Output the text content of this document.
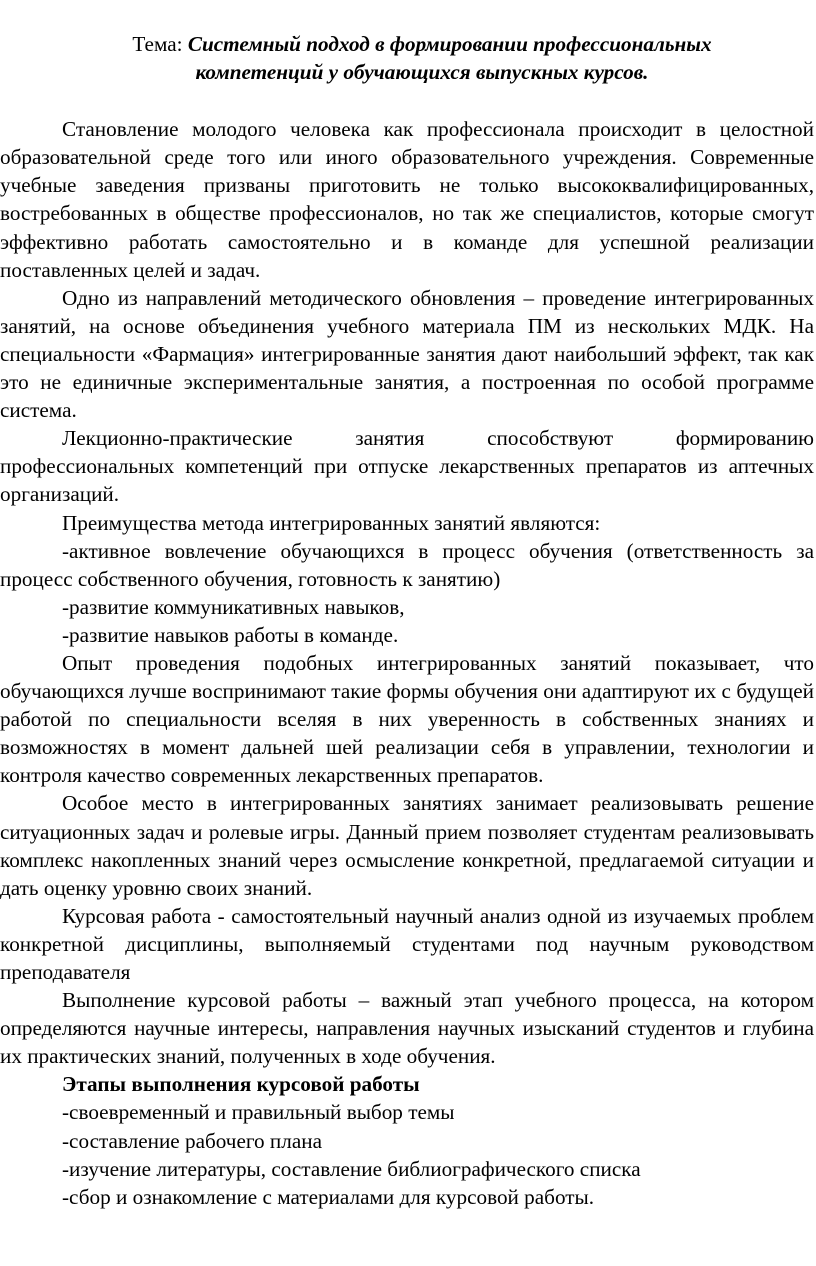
Тема: Системный подход в формировании профессиональных
компетенций у обучающихся выпускных курсов.

Становление молодого человека как профессионала происходит в целостной образовательной среде того или иного образовательного учреждения. Современные учебные заведения призваны приготовить не только высококвалифицированных, востребованных в обществе профессионалов, но так же специалистов, которые смогут эффективно работать самостоятельно и в команде для успешной реализации поставленных целей и задач.

Одно из направлений методического обновления – проведение интегрированных занятий, на основе объединения учебного материала ПМ из нескольких МДК. На специальности «Фармация» интегрированные занятия дают наибольший эффект, так как это не единичные экспериментальные занятия, а построенная по особой программе система.

Лекционно-практические занятия способствуют формированию профессиональных компетенций при отпуске лекарственных препаратов из аптечных организаций.

Преимущества метода интегрированных занятий являются:

-активное вовлечение обучающихся в процесс обучения (ответственность за процесс собственного обучения, готовность к занятию)

-развитие коммуникативных навыков,

-развитие навыков работы в команде.

Опыт проведения подобных интегрированных занятий показывает, что обучающихся лучше воспринимают такие формы обучения они адаптируют их с будущей работой по специальности вселяя в них уверенность в собственных знаниях и возможностях в момент дальней шей реализации себя в управлении, технологии и контроля качество современных лекарственных препаратов.

Особое место в интегрированных занятиях занимает реализовывать решение ситуационных задач и ролевые игры. Данный прием позволяет студентам реализовывать комплекс накопленных знаний через осмысление конкретной, предлагаемой ситуации и дать оценку уровню своих знаний.

Курсовая работа - самостоятельный научный анализ одной из изучаемых проблем конкретной дисциплины, выполняемый студентами под научным руководством преподавателя

Выполнение курсовой работы – важный этап учебного процесса, на котором определяются научные интересы, направления научных изысканий студентов и глубина их практических знаний, полученных в ходе обучения.

Этапы выполнения курсовой работы

-своевременный и правильный выбор темы

-составление рабочего плана

-изучение литературы, составление библиографического списка

-сбор и ознакомление с материалами для курсовой работы.
